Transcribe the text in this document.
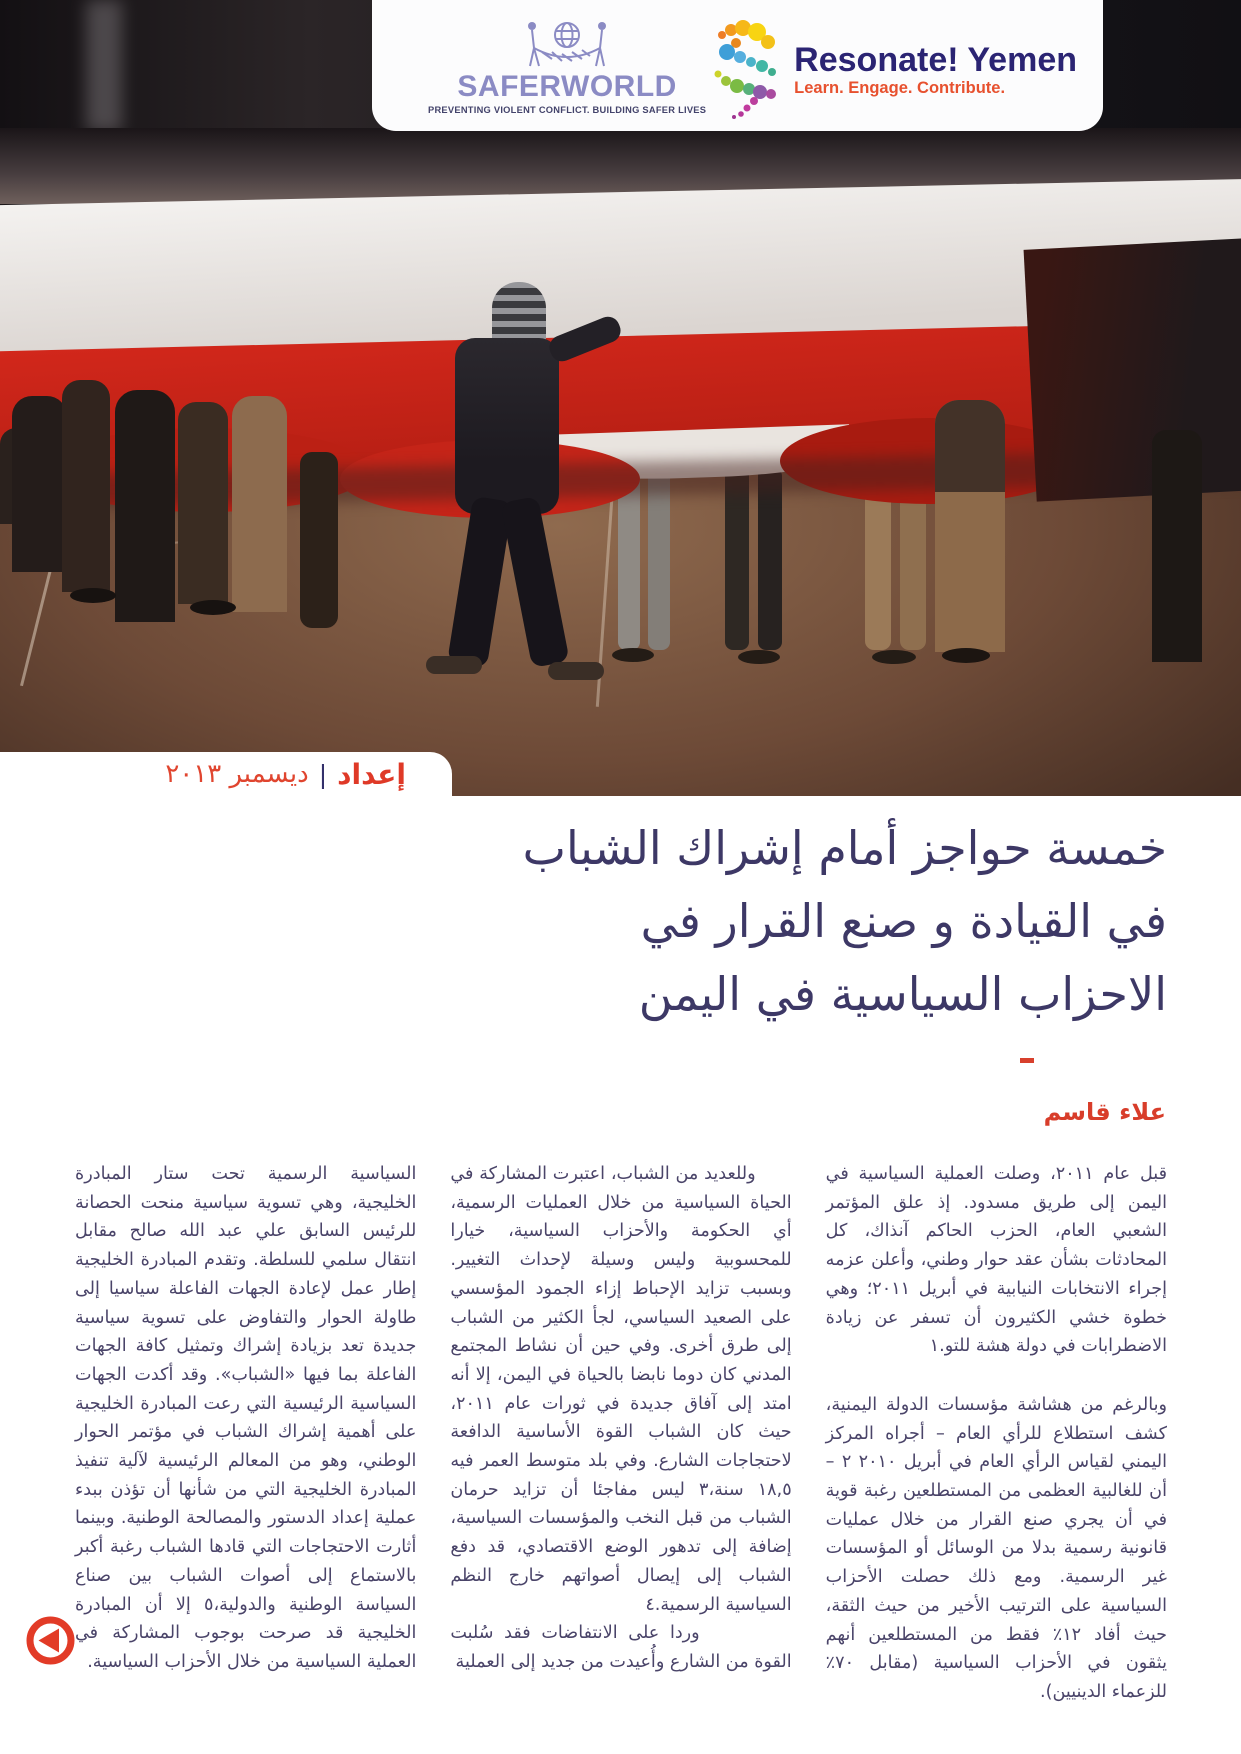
SAFERWORLD
PREVENTING VIOLENT CONFLICT. BUILDING SAFER LIVES
Resonate! Yemen
Learn. Engage. Contribute.
إعداد
|
ديسمبر ٢٠١٣
خمسة حواجز أمام إشراك الشباب
في القيادة و صنع القرار في
الاحزاب السياسية في اليمن
علاء قاسم

قبل عام ٢٠١١، وصلت العملية السياسية في اليمن إلى طريق مسدود. إذ علق المؤتمر الشعبي العام، الحزب الحاكم آنذاك، كل المحادثات بشأن عقد حوار وطني، وأعلن عزمه إجراء الانتخابات النيابية في أبريل ٢٠١١؛ وهي خطوة خشي الكثيرون أن تسفر عن زيادة الاضطرابات في دولة هشة للتو.١

وبالرغم من هشاشة مؤسسات الدولة اليمنية، كشف استطلاع للرأي العام – أجراه المركز اليمني لقياس الرأي العام في أبريل ٢٠١٠ ٢ – أن للغالبية العظمى من المستطلعين رغبة قوية في أن يجري صنع القرار من خلال عمليات قانونية رسمية بدلا من الوسائل أو المؤسسات غير الرسمية. ومع ذلك حصلت الأحزاب السياسية على الترتيب الأخير من حيث الثقة، حيث أفاد ١٢٪ فقط من المستطلعين أنهم يثقون في الأحزاب السياسية (مقابل ٧٠٪ للزعماء الدينيين).

وللعديد من الشباب، اعتبرت المشاركة في الحياة السياسية من خلال العمليات الرسمية، أي الحكومة والأحزاب السياسية، خيارا للمحسوبية وليس وسيلة لإحداث التغيير. وبسبب تزايد الإحباط إزاء الجمود المؤسسي على الصعيد السياسي، لجأ الكثير من الشباب إلى طرق أخرى. وفي حين أن نشاط المجتمع المدني كان دوما نابضا بالحياة في اليمن، إلا أنه امتد إلى آفاق جديدة في ثورات عام ٢٠١١، حيث كان الشباب القوة الأساسية الدافعة لاحتجاجات الشارع. وفي بلد متوسط العمر فيه ١٨,٥ سنة،٣ ليس مفاجئا أن تزايد حرمان الشباب من قبل النخب والمؤسسات السياسية، إضافة إلى تدهور الوضع الاقتصادي، قد دفع الشباب إلى إيصال أصواتهم خارج النظم السياسية الرسمية.٤

وردا على الانتفاضات فقد سُلبت القوة من الشارع وأُعيدت من جديد إلى العملية

السياسية الرسمية تحت ستار المبادرة الخليجية، وهي تسوية سياسية منحت الحصانة للرئيس السابق علي عبد الله صالح مقابل انتقال سلمي للسلطة. وتقدم المبادرة الخليجية إطار عمل لإعادة الجهات الفاعلة سياسيا إلى طاولة الحوار والتفاوض على تسوية سياسية جديدة تعد بزيادة إشراك وتمثيل كافة الجهات الفاعلة بما فيها «الشباب». وقد أكدت الجهات السياسية الرئيسية التي رعت المبادرة الخليجية على أهمية إشراك الشباب في مؤتمر الحوار الوطني، وهو من المعالم الرئيسية لآلية تنفيذ المبادرة الخليجية التي من شأنها أن تؤذن ببدء عملية إعداد الدستور والمصالحة الوطنية. وبينما أثارت الاحتجاجات التي قادها الشباب رغبة أكبر بالاستماع إلى أصوات الشباب بين صناع السياسة الوطنية والدولية،٥ إلا أن المبادرة الخليجية قد صرحت بوجوب المشاركة في العملية السياسية من خلال الأحزاب السياسية.
